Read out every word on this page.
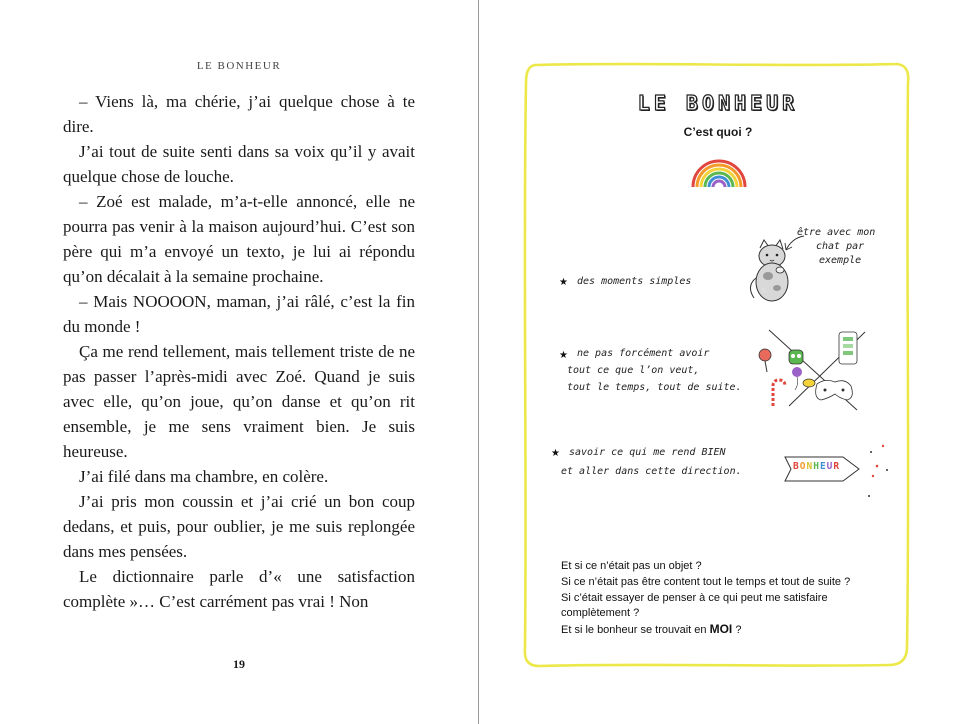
LE BONHEUR

– Viens là, ma chérie, j’ai quelque chose à te dire.

J’ai tout de suite senti dans sa voix qu’il y avait quelque chose de louche.

– Zoé est malade, m’a-t-elle annoncé, elle ne pourra pas venir à la maison aujourd’hui. C’est son père qui m’a envoyé un texto, je lui ai répondu qu’on décalait à la semaine prochaine.

– Mais NOOOON, maman, j’ai râlé, c’est la fin du monde !

Ça me rend tellement, mais tellement triste de ne pas passer l’après-midi avec Zoé. Quand je suis avec elle, qu’on joue, qu’on danse et qu’on rit ensemble, je me sens vraiment bien. Je suis heureuse.

J’ai filé dans ma chambre, en colère.

J’ai pris mon coussin et j’ai crié un bon coup dedans, et puis, pour oublier, je me suis replongée dans mes pensées.

Le dictionnaire parle d’« une satisfaction complète »… C’est carrément pas vrai ! Non

19
LE BONHEUR
C’est quoi ?
être avec mon
chat par
exemple
★ des moments simples
★ ne pas forcément avoir
tout ce que l’on veut,
tout le temps, tout de suite.
★ savoir ce qui me rend BIEN
et aller dans cette direction.	BONHEUR
Et si ce n’était pas un objet ?
Si ce n’était pas être content tout le temps et tout de suite ?
Si c’était essayer de penser à ce qui peut me satisfaire
complètement ?
Et si le bonheur se trouvait en MOI ?
